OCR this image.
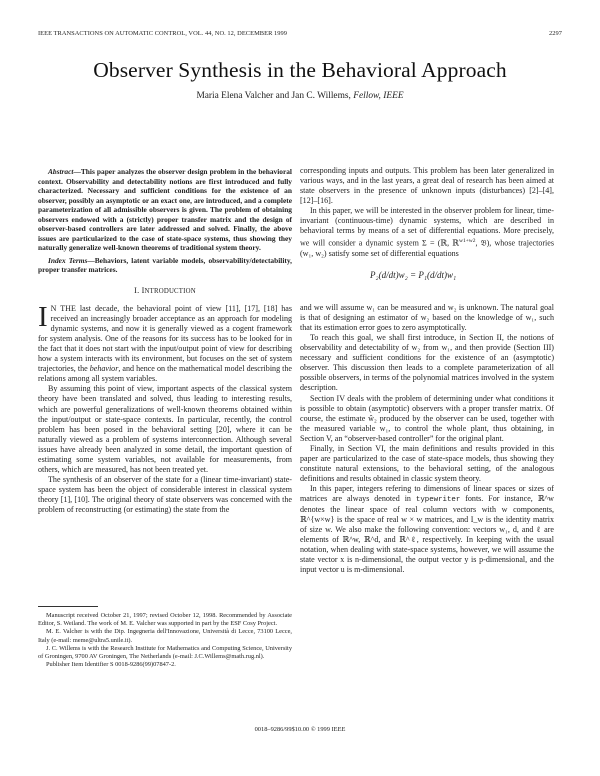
IEEE TRANSACTIONS ON AUTOMATIC CONTROL, VOL. 44, NO. 12, DECEMBER 1999	2297
Observer Synthesis in the Behavioral Approach
Maria Elena Valcher and Jan C. Willems, Fellow, IEEE

Abstract—This paper analyzes the observer design problem in the behavioral context. Observability and detectability notions are first introduced and fully characterized. Necessary and sufficient conditions for the existence of an observer, possibly an asymptotic or an exact one, are introduced, and a complete parameterization of all admissible observers is given. The problem of obtaining observers endowed with a (strictly) proper transfer matrix and the design of observer-based controllers are later addressed and solved. Finally, the above issues are particularized to the case of state-space systems, thus showing they naturally generalize well-known theorems of traditional system theory.

Index Terms—Behaviors, latent variable models, observability/detectability, proper transfer matrices.

I. INTRODUCTION

I N THE last decade, the behavioral point of view [11], [17], [18] has received an increasingly broader acceptance as an approach for modeling dynamic systems, and now it is generally viewed as a cogent framework for system analysis. One of the reasons for its success has to be looked for in the fact that it does not start with the input/output point of view for describing how a system interacts with its environment, but focuses on the set of system trajectories, the behavior, and hence on the mathematical model describing the relations among all system variables.

By assuming this point of view, important aspects of the classical system theory have been translated and solved, thus leading to interesting results, which are powerful generalizations of well-known theorems obtained within the input/output or state-space contexts. In particular, recently, the control problem has been posed in the behavioral setting [20], where it can be naturally viewed as a problem of systems interconnection. Although several issues have already been analyzed in some detail, the important question of estimating some system variables, not available for measurements, from others, which are measured, has not been treated yet.

The synthesis of an observer of the state for a (linear time-invariant) state-space system has been the object of considerable interest in classical system theory [1], [10]. The original theory of state observers was concerned with the problem of reconstructing (or estimating) the state from the

Manuscript received October 21, 1997; revised October 12, 1998. Recommended by Associate Editor, S. Weiland. The work of M. E. Valcher was supported in part by the ESF Cosy Project.

M. E. Valcher is with the Dip. Ingegneria dell'Innovazione, Università di Lecce, 73100 Lecce, Italy (e-mail: meme@ultra5.unile.it).

J. C. Willems is with the Research Institute for Mathematics and Computing Science, University of Groningen, 9700 AV Groningen, The Netherlands (e-mail: J.C.Willems@math.rug.nl).

Publisher Item Identifier S 0018-9286(99)07847-2.

corresponding inputs and outputs. This problem has been later generalized in various ways, and in the last years, a great deal of research has been aimed at state observers in the presence of unknown inputs (disturbances) [2]–[4], [12]–[16].

In this paper, we will be interested in the observer problem for linear, time-invariant (continuous-time) dynamic systems, which are described in behavioral terms by means of a set of differential equations. More precisely, we will consider a dynamic system Σ = (ℝ, ℝ$^{w1+w2}$, 𝔅), whose trajectories (w₁, w₂) satisfy some set of differential equations

P₂(d/dt)w₂ = P₁(d/dt)w₁

and we will assume w₁ can be measured and w₂ is unknown. The natural goal is that of designing an estimator of w₂ based on the knowledge of w₁, such that its estimation error goes to zero asymptotically.

To reach this goal, we shall first introduce, in Section II, the notions of observability and detectability of w₂ from w₁, and then provide (Section III) necessary and sufficient conditions for the existence of an (asymptotic) observer. This discussion then leads to a complete parameterization of all possible observers, in terms of the polynomial matrices involved in the system description.

Section IV deals with the problem of determining under what conditions it is possible to obtain (asymptotic) observers with a proper transfer matrix. Of course, the estimate ŵ₂ produced by the observer can be used, together with the measured variable w₁, to control the whole plant, thus obtaining, in Section V, an “observer-based controller” for the original plant.

Finally, in Section VI, the main definitions and results provided in this paper are particularized to the case of state-space models, thus showing they constitute natural extensions, to the behavioral setting, of the analogous definitions and results obtained in classic system theory.

In this paper, integers refering to dimensions of linear spaces or sizes of matrices are always denoted in typewriter fonts. For instance, ℝ^w denotes the linear space of real column vectors with w components, ℝ^{w×w} is the space of real w × w matrices, and I_w is the identity matrix of size w. We also make the following convention: vectors w₁, d, and ℓ are elements of ℝ^w, ℝ^d, and ℝ^ℓ, respectively. In keeping with the usual notation, when dealing with state-space systems, however, we will assume the state vector x is n-dimensional, the output vector y is p-dimensional, and the input vector u is m-dimensional.

0018–9286/99$10.00 © 1999 IEEE
